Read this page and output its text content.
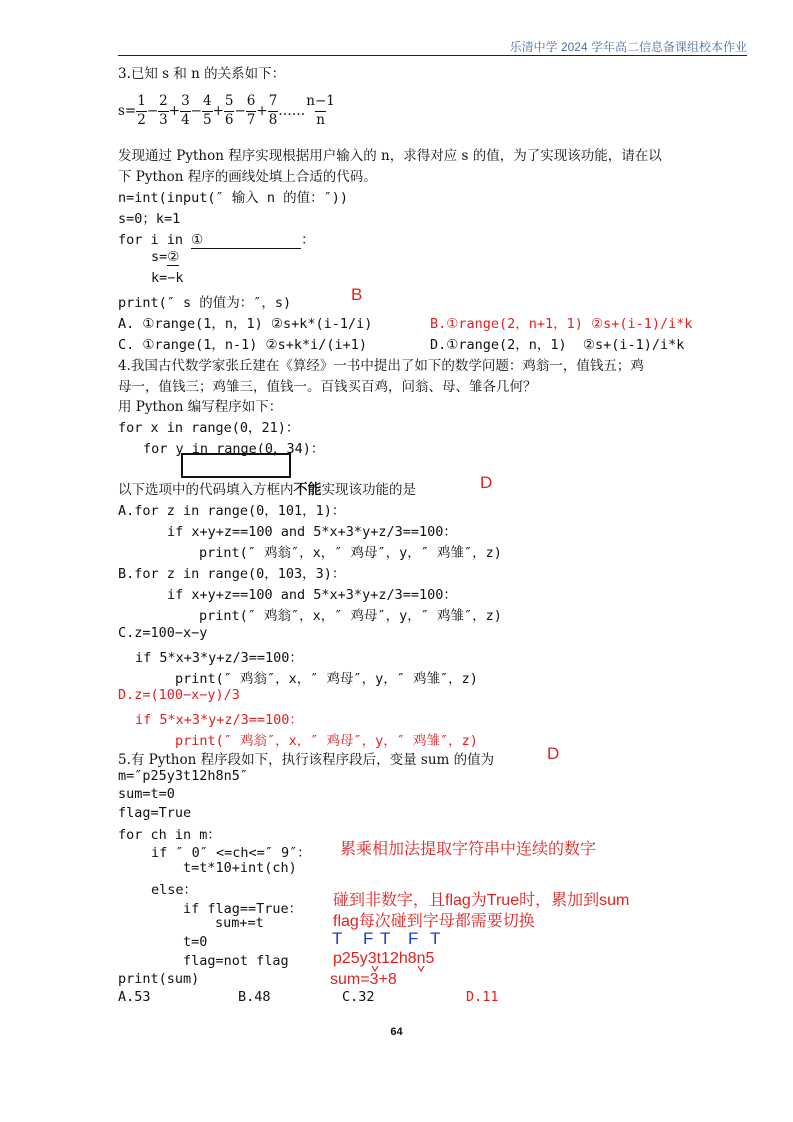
乐清中学 2024 学年高二信息备课组校本作业
3.已知 s 和 n 的关系如下：
$s= \frac{1}{2} - \frac{2}{3} + \frac{3}{4} - \frac{4}{5} + \frac{5}{6} - \frac{6}{7} + \frac{7}{8}$ …… $\frac{n-1}{n}$
发现通过 Python 程序实现根据用户输入的 n，求得对应 s 的值，为了实现该功能，请在以
下 Python 程序的画线处填上合适的代码。
n=int(input(″ 输入 n 的值：″))
s=0；k=1
for i in ①	：
s=②
k=−k
print(″ s 的值为：″，s)	B
A. ①range(1，n，1) ②s+k*(i-1/i)	B.①range(2，n+1，1) ②s+(i-1)/i*k
C. ①range(1，n-1) ②s+k*i/(i+1)	D.①range(2，n，1)  ②s+(i-1)/i*k
4.我国古代数学家张丘建在《算经》一书中提出了如下的数学问题：鸡翁一，值钱五；鸡
母一，值钱三；鸡雏三，值钱一。百钱买百鸡，问翁、母、雏各几何？
用 Python 编写程序如下：
for x in range(0，21)：
for y in range(0，34)：
以下选项中的代码填入方框内不能实现该功能的是	D
A.for z in range(0，101，1)：
if x+y+z==100 and 5*x+3*y+z/3==100：
print(″ 鸡翁″，x，″ 鸡母″，y，″ 鸡雏″，z)
B.for z in range(0，103，3)：
if x+y+z==100 and 5*x+3*y+z/3==100：
print(″ 鸡翁″，x，″ 鸡母″，y，″ 鸡雏″，z)
C.z=100−x−y
if 5*x+3*y+z/3==100：
print(″ 鸡翁″，x，″ 鸡母″，y，″ 鸡雏″，z)
D.z=(100−x−y)/3
if 5*x+3*y+z/3==100：
print(″ 鸡翁″，x，″ 鸡母″，y，″ 鸡雏″，z)
5.有 Python 程序段如下，执行该程序段后，变量 sum 的值为	D
m=″p25y3t12h8n5″
sum=t=0
flag=True
for ch in m：
if ″ 0″ <=ch<=″ 9″：
t=t*10+int(ch)
else：
if flag==True：
sum+=t
t=0
flag=not flag
print(sum)
累乘相加法提取字符串中连续的数字
碰到非数字，且flag为True时，累加到sum
flag每次碰到字母都需要切换
T F T F T
p25y3t12h8n5
sum=3+8
A.53	B.48	C.32	D.11
64
